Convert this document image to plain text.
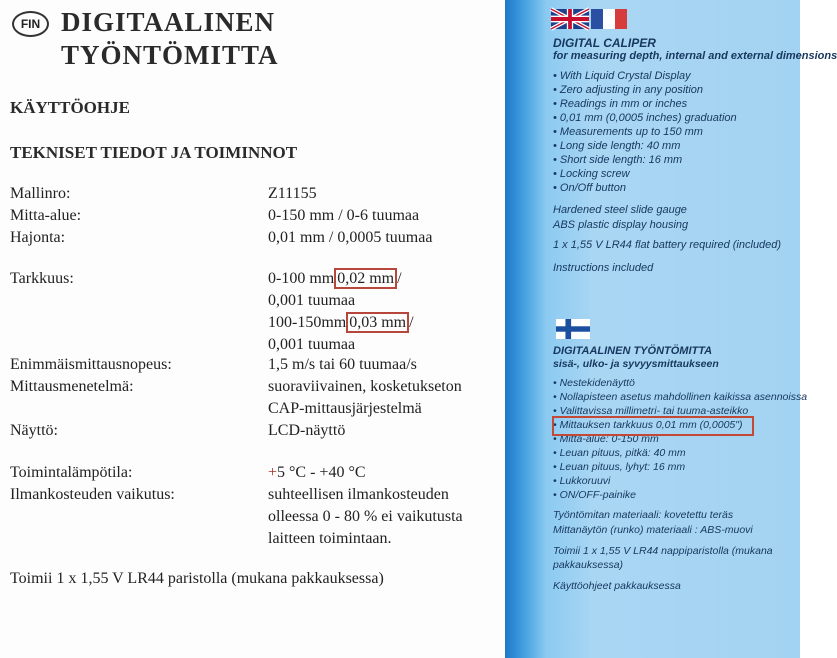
FIN DIGITAALINEN
TYÖNTÖMITTA
KÄYTTÖOHJE
TEKNISET TIEDOT JA TOIMINNOT
Mallinro:	Z11155
Mitta-alue:	0-150 mm / 0-6 tuumaa
Hajonta:	0,01 mm / 0,0005 tuumaa
Tarkkuus:	0-100 mm 0,02 mm /
0,001 tuumaa
100-150mm 0,03 mm /
0,001 tuumaa
Enimmäismittausnopeus:	1,5 m/s tai 60 tuumaa/s
Mittausmenetelmä:	suoraviivainen, kosketukseton
CAP-mittausjärjestelmä
Näyttö:	LCD-näyttö
Toimintalämpötila:	+5 °C - +40 °C
Ilmankosteuden vaikutus:	suhteellisen ilmankosteuden
olleessa 0 - 80 % ei vaikutusta
laitteen toimintaan.
Toimii 1 x 1,55 V LR44 paristolla (mukana pakkauksessa)
DIGITAL CALIPER
for measuring depth, internal and external dimensions
• With Liquid Crystal Display
• Zero adjusting in any position
• Readings in mm or inches
• 0,01 mm (0,0005 inches) graduation
• Measurements up to 150 mm
• Long side length: 40 mm
• Short side length: 16 mm
• Locking screw
• On/Off button
Hardened steel slide gauge
ABS plastic display housing
1 x 1,55 V LR44 flat battery required (included)
Instructions included
DIGITAALINEN TYÖNTÖMITTA
sisä-, ulko- ja syvyysmittaukseen
• Nestekidenäyttö
• Nollapisteen asetus mahdollinen kaikissa asennoissa
• Valittavissa millimetri- tai tuuma-asteikko
• Mittauksen tarkkuus 0,01 mm (0,0005")
• Mitta-alue: 0-150 mm
• Leuan pituus, pitkä: 40 mm
• Leuan pituus, lyhyt: 16 mm
• Lukkoruuvi
• ON/OFF-painike
Työntömitan materiaali: kovetettu teräs
Mittanäytön (runko) materiaali : ABS-muovi
Toimii 1 x 1,55 V LR44 nappiparistolla (mukana
pakkauksessa)
Käyttöohjeet pakkauksessa
